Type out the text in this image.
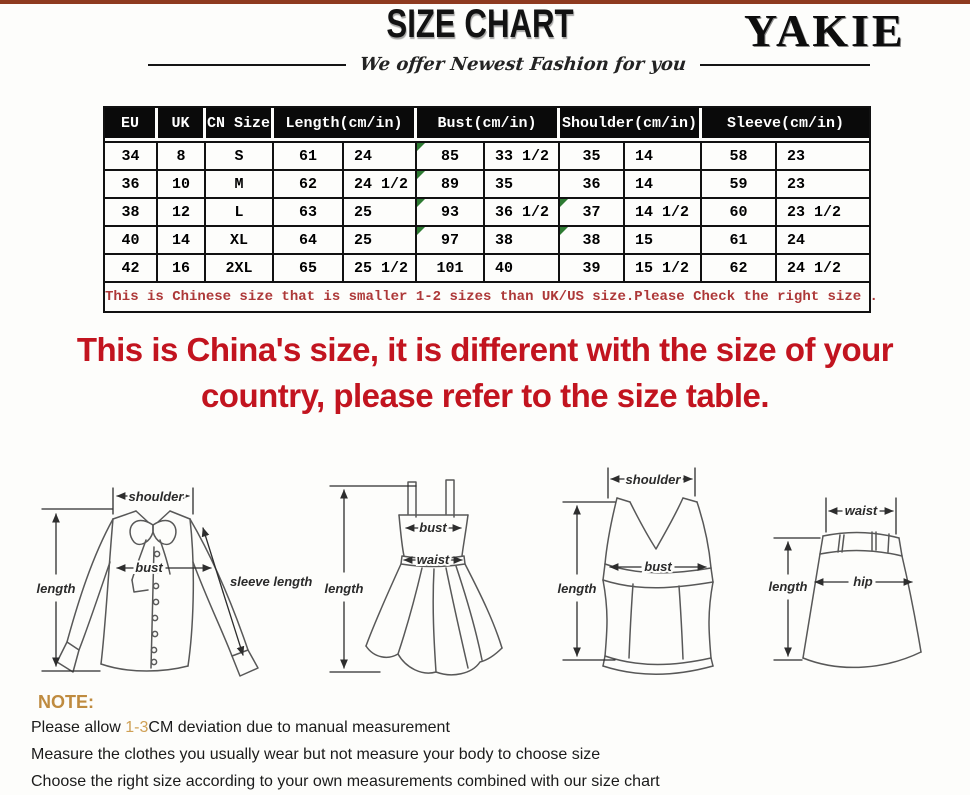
SIZE CHART	YAKIE
We offer Newest Fashion for you
EU	UK	CN Size	Length(cm/in)		Bust(cm/in)		Shoulder(cm/in)		Sleeve(cm/in)	
34	8	S	61	24	85	33 1/2	35	14	58	23
36	10	M	62	24 1/2	89	35	36	14	59	23
38	12	L	63	25	93	36 1/2	37	14 1/2	60	23 1/2
40	14	XL	64	25	97	38	38	15	61	24
42	16	2XL	65	25 1/2	101	40	39	15 1/2	62	24 1/2
This is Chinese size that is smaller 1-2 sizes than UK/US size.Please Check the right size .										
This is China's size, it is different with the size of your
country, please refer to the size table.
shoulder
length
bust
sleeve length length
bust
waist
shoulder
length
bust
waist
hip
length
NOTE:
Please allow 1-3CM deviation due to manual measurement
Measure the clothes you usually wear but not measure your body to choose size
Choose the right size according to your own measurements combined with our size chart
